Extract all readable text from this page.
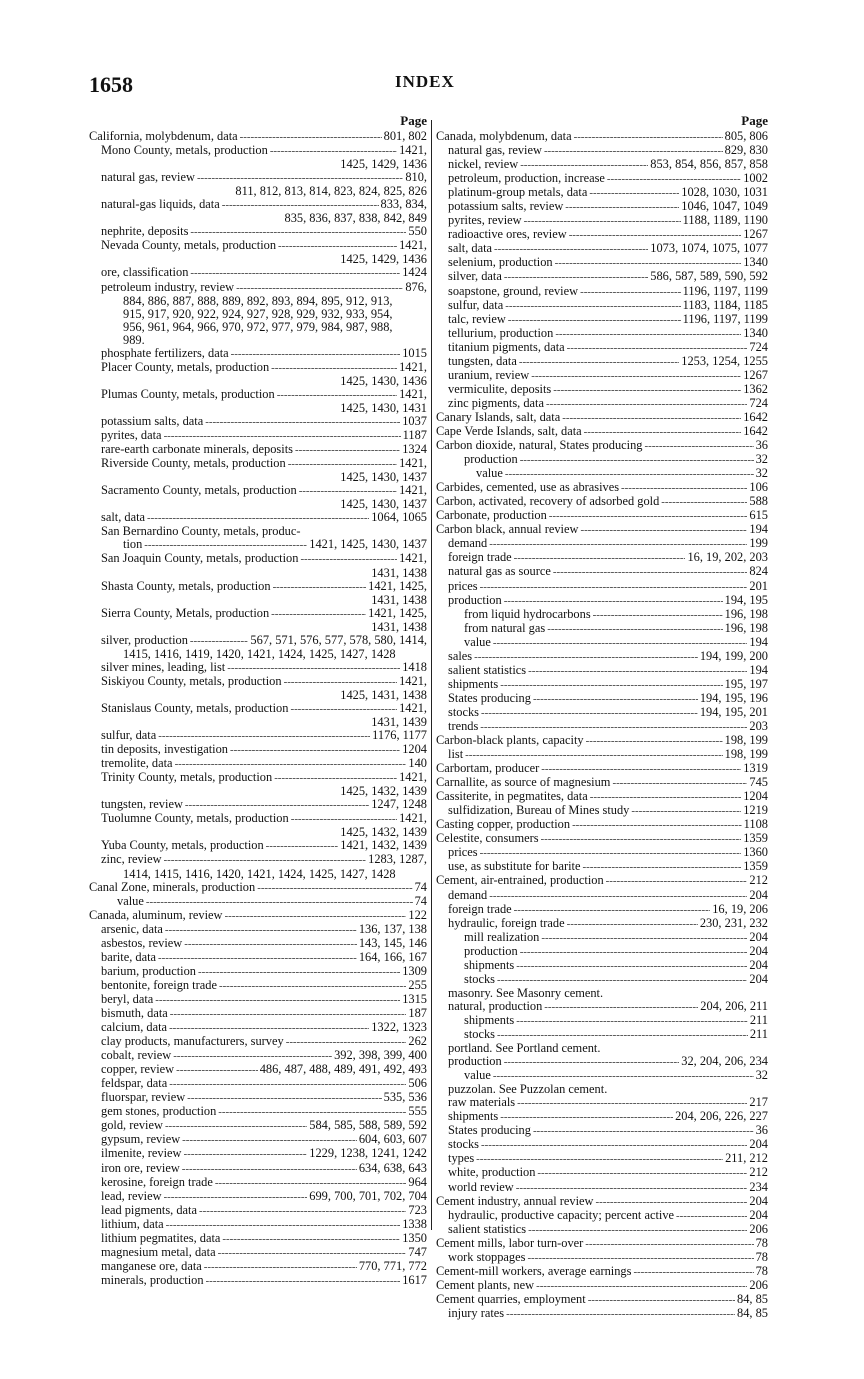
1658	INDEX
Page
California, molybdenum, data - - -	801, 802
Mono County, metals, production - - -	1421,
1425, 1429, 1436
natural gas, review - - -	810,
811, 812, 813, 814, 823, 824, 825, 826
natural-gas liquids, data - - -	833, 834,
835, 836, 837, 838, 842, 849
nephrite, deposits - - -	550
Nevada County, metals, production - - -	1421,
1425, 1429, 1436
ore, classification - - -	1424
petroleum industry, review - - -	876,
884, 886, 887, 888, 889, 892, 893, 894, 895, 912, 913,
915, 917, 920, 922, 924, 927, 928, 929, 932, 933, 954,
956, 961, 964, 966, 970, 972, 977, 979, 984, 987, 988,
989.
phosphate fertilizers, data - - -	1015
Placer County, metals, production - - -	1421,
1425, 1430, 1436
Plumas County, metals, production - - -	1421,
1425, 1430, 1431
potassium salts, data - - -	1037
pyrites, data - - -	1187
rare-earth carbonate minerals, deposits - - -	1324
Riverside County, metals, production - - -	1421,
1425, 1430, 1437
Sacramento County, metals, production - - -	1421,
1425, 1430, 1437
salt, data - - -	1064, 1065
San Bernardino County, metals, produc-
tion - - -	1421, 1425, 1430, 1437
San Joaquin County, metals, production - - -	1421,
1431, 1438
Shasta County, metals, production - - -	1421, 1425,
1431, 1438
Sierra County, Metals, production - - -	1421, 1425,
1431, 1438
silver, production - - -	567, 571, 576, 577, 578, 580, 1414,
1415, 1416, 1419, 1420, 1421, 1424, 1425, 1427, 1428
silver mines, leading, list - - -	1418
Siskiyou County, metals, production - - -	1421,
1425, 1431, 1438
Stanislaus County, metals, production - - -	1421,
1431, 1439
sulfur, data - - -	1176, 1177
tin deposits, investigation - - -	1204
tremolite, data - - -	140
Trinity County, metals, production - - -	1421,
1425, 1432, 1439
tungsten, review - - -	1247, 1248
Tuolumne County, metals, production - - -	1421,
1425, 1432, 1439
Yuba County, metals, production - - -	1421, 1432, 1439
zinc, review - - -	1283, 1287,
1414, 1415, 1416, 1420, 1421, 1424, 1425, 1427, 1428
Canal Zone, minerals, production - - -	74
value - - -	74
Canada, aluminum, review - - -	122
arsenic, data - - -	136, 137, 138
asbestos, review - - -	143, 145, 146
barite, data - - -	164, 166, 167
barium, production - - -	1309
bentonite, foreign trade - - -	255
beryl, data - - -	1315
bismuth, data - - -	187
calcium, data - - -	1322, 1323
clay products, manufacturers, survey - - -	262
cobalt, review - - -	392, 398, 399, 400
copper, review - - -	486, 487, 488, 489, 491, 492, 493
feldspar, data - - -	506
fluorspar, review - - -	535, 536
gem stones, production - - -	555
gold, review - - -	584, 585, 588, 589, 592
gypsum, review - - -	604, 603, 607
ilmenite, review - - -	1229, 1238, 1241, 1242
iron ore, review - - -	634, 638, 643
kerosine, foreign trade - - -	964
lead, review - - -	699, 700, 701, 702, 704
lead pigments, data - - -	723
lithium, data - - -	1338
lithium pegmatites, data - - -	1350
magnesium metal, data - - -	747
manganese ore, data - - -	770, 771, 772
minerals, production - - -	1617
Page
Canada, molybdenum, data - - -	805, 806
natural gas, review - - -	829, 830
nickel, review - - -	853, 854, 856, 857, 858
petroleum, production, increase - - -	1002
platinum-group metals, data - - -	1028, 1030, 1031
potassium salts, review - - -	1046, 1047, 1049
pyrites, review - - -	1188, 1189, 1190
radioactive ores, review - - -	1267
salt, data - - -	1073, 1074, 1075, 1077
selenium, production - - -	1340
silver, data - - -	586, 587, 589, 590, 592
soapstone, ground, review - - -	1196, 1197, 1199
sulfur, data - - -	1183, 1184, 1185
talc, review - - -	1196, 1197, 1199
tellurium, production - - -	1340
titanium pigments, data - - -	724
tungsten, data - - -	1253, 1254, 1255
uranium, review - - -	1267
vermiculite, deposits - - -	1362
zinc pigments, data - - -	724
Canary Islands, salt, data - - -	1642
Cape Verde Islands, salt, data - - -	1642
Carbon dioxide, natural, States producing - - -	36
production - - -	32
value - - -	32
Carbides, cemented, use as abrasives - - -	106
Carbon, activated, recovery of adsorbed gold - - -	588
Carbonate, production - - -	615
Carbon black, annual review - - -	194
demand - - -	199
foreign trade - - -	16, 19, 202, 203
natural gas as source - - -	824
prices - - -	201
production - - -	194, 195
from liquid hydrocarbons - - -	196, 198
from natural gas - - -	196, 198
value - - -	194
sales - - -	194, 199, 200
salient statistics - - -	194
shipments - - -	195, 197
States producing - - -	194, 195, 196
stocks - - -	194, 195, 201
trends - - -	203
Carbon-black plants, capacity - - -	198, 199
list - - -	198, 199
Carbortam, producer - - -	1319
Carnallite, as source of magnesium - - -	745
Cassiterite, in pegmatites, data - - -	1204
sulfidization, Bureau of Mines study - - -	1219
Casting copper, production - - -	1108
Celestite, consumers - - -	1359
prices - - -	1360
use, as substitute for barite - - -	1359
Cement, air-entrained, production - - -	212
demand - - -	204
foreign trade - - -	16, 19, 206
hydraulic, foreign trade - - -	230, 231, 232
mill realization - - -	204
production - - -	204
shipments - - -	204
stocks - - -	204
masonry. See Masonry cement.
natural, production - - -	204, 206, 211
shipments - - -	211
stocks - - -	211
portland. See Portland cement.
production - - -	32, 204, 206, 234
value - - -	32
puzzolan. See Puzzolan cement.
raw materials - - -	217
shipments - - -	204, 206, 226, 227
States producing - - -	36
stocks - - -	204
types - - -	211, 212
white, production - - -	212
world review - - -	234
Cement industry, annual review - - -	204
hydraulic, productive capacity; percent active - - -	204
salient statistics - - -	206
Cement mills, labor turn-over - - -	78
work stoppages - - -	78
Cement-mill workers, average earnings - - -	78
Cement plants, new - - -	206
Cement quarries, employment - - -	84, 85
injury rates - - -	84, 85
